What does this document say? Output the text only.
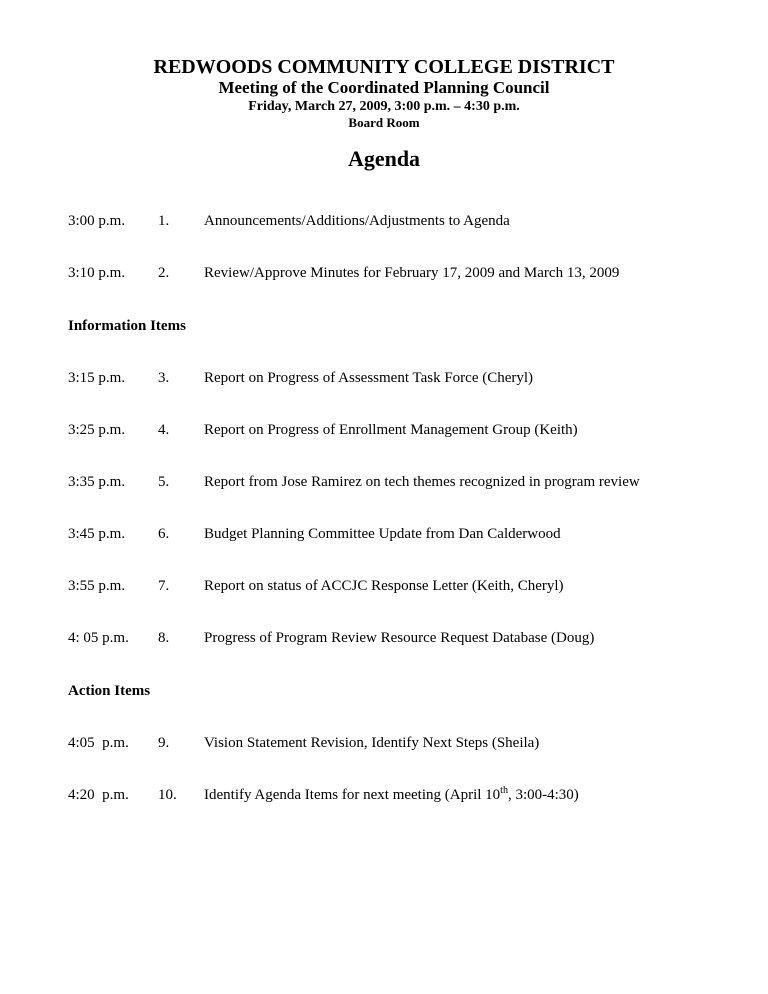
REDWOODS COMMUNITY COLLEGE DISTRICT
Meeting of the Coordinated Planning Council
Friday, March 27, 2009, 3:00 p.m. – 4:30 p.m.
Board Room
Agenda
3:00 p.m. 1. Announcements/Additions/Adjustments to Agenda
3:10 p.m. 2. Review/Approve Minutes for February 17, 2009 and March 13, 2009
Information Items
3:15 p.m. 3. Report on Progress of Assessment Task Force (Cheryl)
3:25 p.m. 4. Report on Progress of Enrollment Management Group (Keith)
3:35 p.m. 5. Report from Jose Ramirez on tech themes recognized in program review
3:45 p.m. 6. Budget Planning Committee Update from Dan Calderwood
3:55 p.m. 7. Report on status of ACCJC Response Letter (Keith, Cheryl)
4: 05 p.m. 8. Progress of Program Review Resource Request Database (Doug)
Action Items
4:05  p.m. 9. Vision Statement Revision, Identify Next Steps (Sheila)
4:20  p.m. 10. Identify Agenda Items for next meeting (April 10th, 3:00-4:30)
